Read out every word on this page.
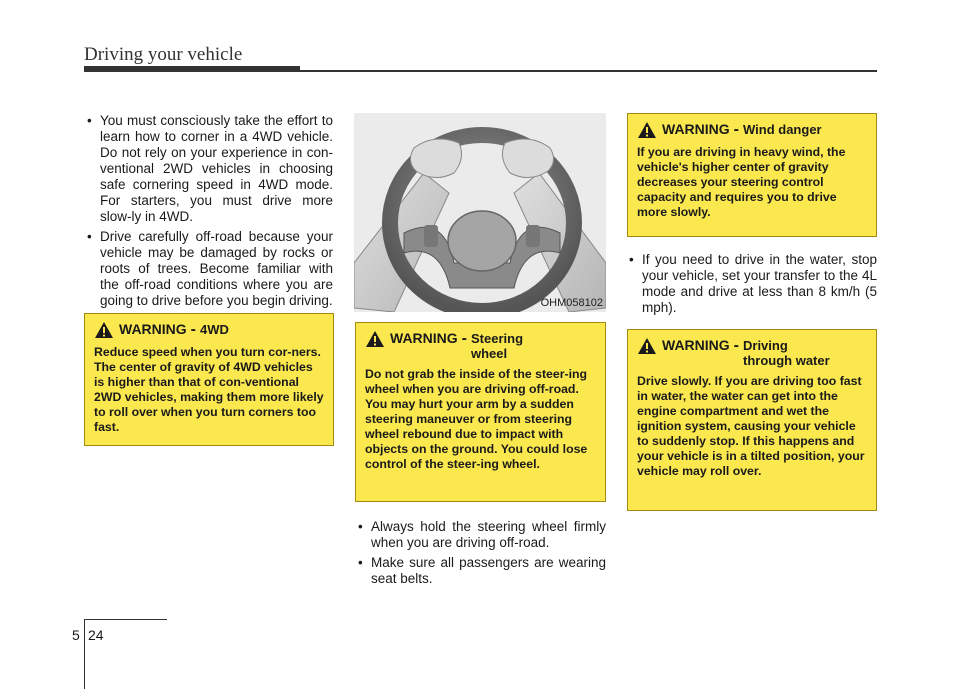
Driving your vehicle
• You must consciously take the effort to learn how to corner in a 4WD vehicle. Do not rely on your experience in con-ventional 2WD vehicles in choosing safe cornering speed in 4WD mode. For starters, you must drive more slow-ly in 4WD.
• Drive carefully off-road because your vehicle may be damaged by rocks or roots of trees. Become familiar with the off-road conditions where you are going to drive before you begin driving.
WARNING - 4WD
Reduce speed when you turn cor-ners. The center of gravity of 4WD vehicles is higher than that of con-ventional 2WD vehicles, making them more likely to roll over when you turn corners too fast.
OHM058102
WARNING - Steering
wheel
Do not grab the inside of the steer-ing wheel when you are driving off-road. You may hurt your arm by a sudden steering maneuver or from steering wheel rebound due to impact with objects on the ground. You could lose control of the steer-ing wheel.
• Always hold the steering wheel firmly when you are driving off-road.
• Make sure all passengers are wearing seat belts.
WARNING - Wind danger
If you are driving in heavy wind, the vehicle's higher center of gravity decreases your steering control capacity and requires you to drive more slowly.
• If you need to drive in the water, stop your vehicle, set your transfer to the 4L mode and drive at less than 8 km/h (5 mph).
WARNING - Driving
through water
Drive slowly. If you are driving too fast in water, the water can get into the engine compartment and wet the ignition system, causing your vehicle to suddenly stop. If this happens and your vehicle is in a tilted position, your vehicle may roll over.
5 24
